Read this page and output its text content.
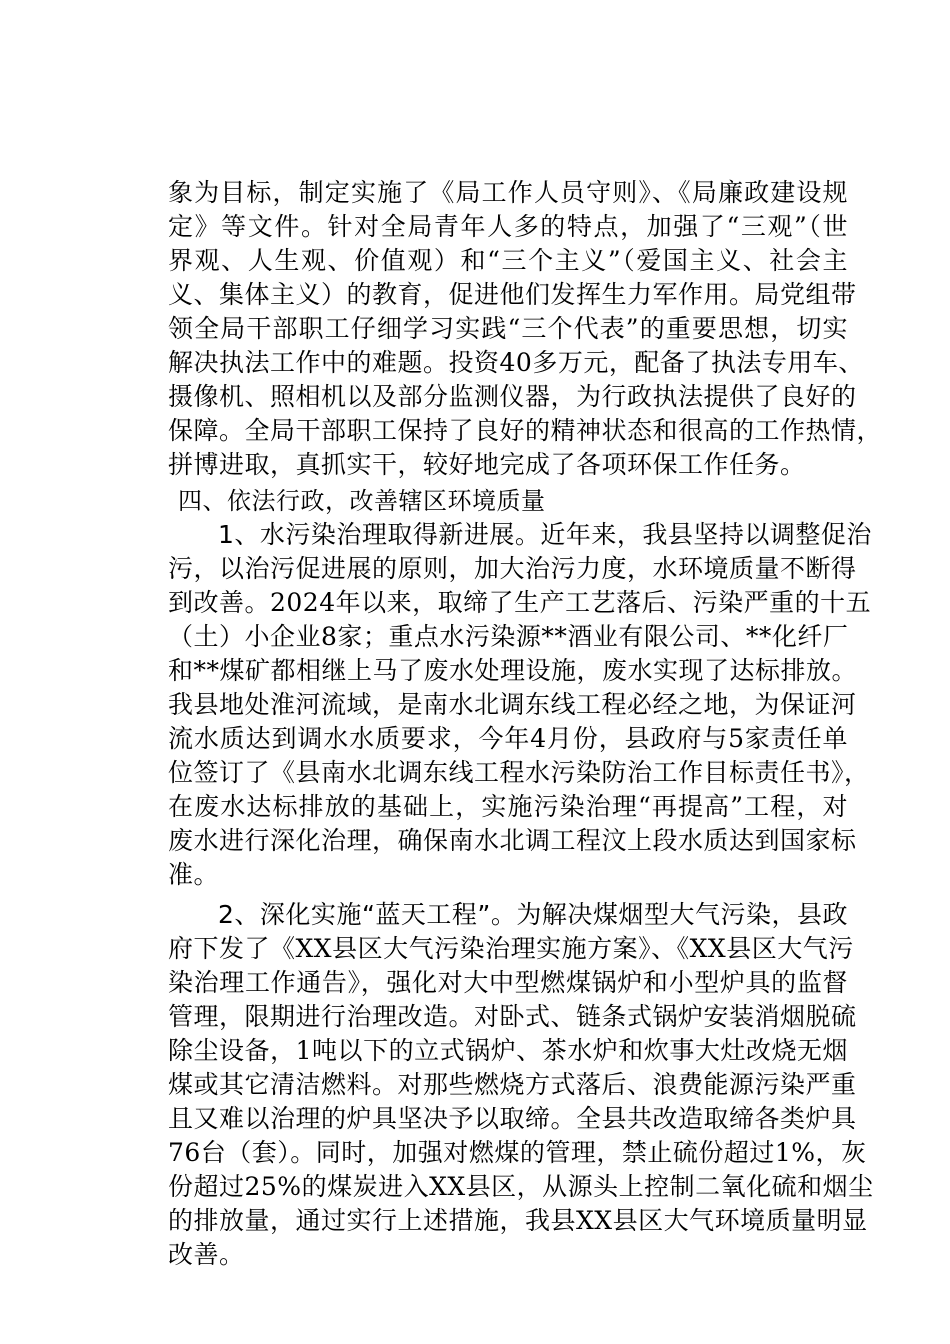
象为目标，制定实施了《局工作人员守则》、《局廉政建设规
定》等文件。针对全局青年人多的特点，加强了“三观”（世
界观、人生观、价值观）和“三个主义”（爱国主义、社会主
义、集体主义）的教育，促进他们发挥生力军作用。局党组带
领全局干部职工仔细学习实践“三个代表”的重要思想，切实
解决执法工作中的难题。投资40多万元，配备了执法专用车、
摄像机、照相机以及部分监测仪器，为行政执法提供了良好的
保障。全局干部职工保持了良好的精神状态和很高的工作热情，
拼博进取，真抓实干，较好地完成了各项环保工作任务。
四、依法行政，改善辖区环境质量
1、水污染治理取得新进展。近年来，我县坚持以调整促治
污，以治污促进展的原则，加大治污力度，水环境质量不断得
到改善。2024年以来，取缔了生产工艺落后、污染严重的十五
（土）小企业8家；重点水污染源**酒业有限公司、**化纤厂
和**煤矿都相继上马了废水处理设施，废水实现了达标排放。
我县地处淮河流域，是南水北调东线工程必经之地，为保证河
流水质达到调水水质要求，今年4月份，县政府与5家责任单
位签订了《县南水北调东线工程水污染防治工作目标责任书》，
在废水达标排放的基础上，实施污染治理“再提高”工程，对
废水进行深化治理，确保南水北调工程汶上段水质达到国家标
准。
2、深化实施“蓝天工程”。为解决煤烟型大气污染，县政
府下发了《XX县区大气污染治理实施方案》、《XX县区大气污
染治理工作通告》，强化对大中型燃煤锅炉和小型炉具的监督
管理，限期进行治理改造。对卧式、链条式锅炉安装消烟脱硫
除尘设备，1吨以下的立式锅炉、茶水炉和炊事大灶改烧无烟
煤或其它清洁燃料。对那些燃烧方式落后、浪费能源污染严重
且又难以治理的炉具坚决予以取缔。全县共改造取缔各类炉具
76台（套）。同时，加强对燃煤的管理，禁止硫份超过1%，灰
份超过25%的煤炭进入XX县区，从源头上控制二氧化硫和烟尘
的排放量，通过实行上述措施，我县XX县区大气环境质量明显
改善。
